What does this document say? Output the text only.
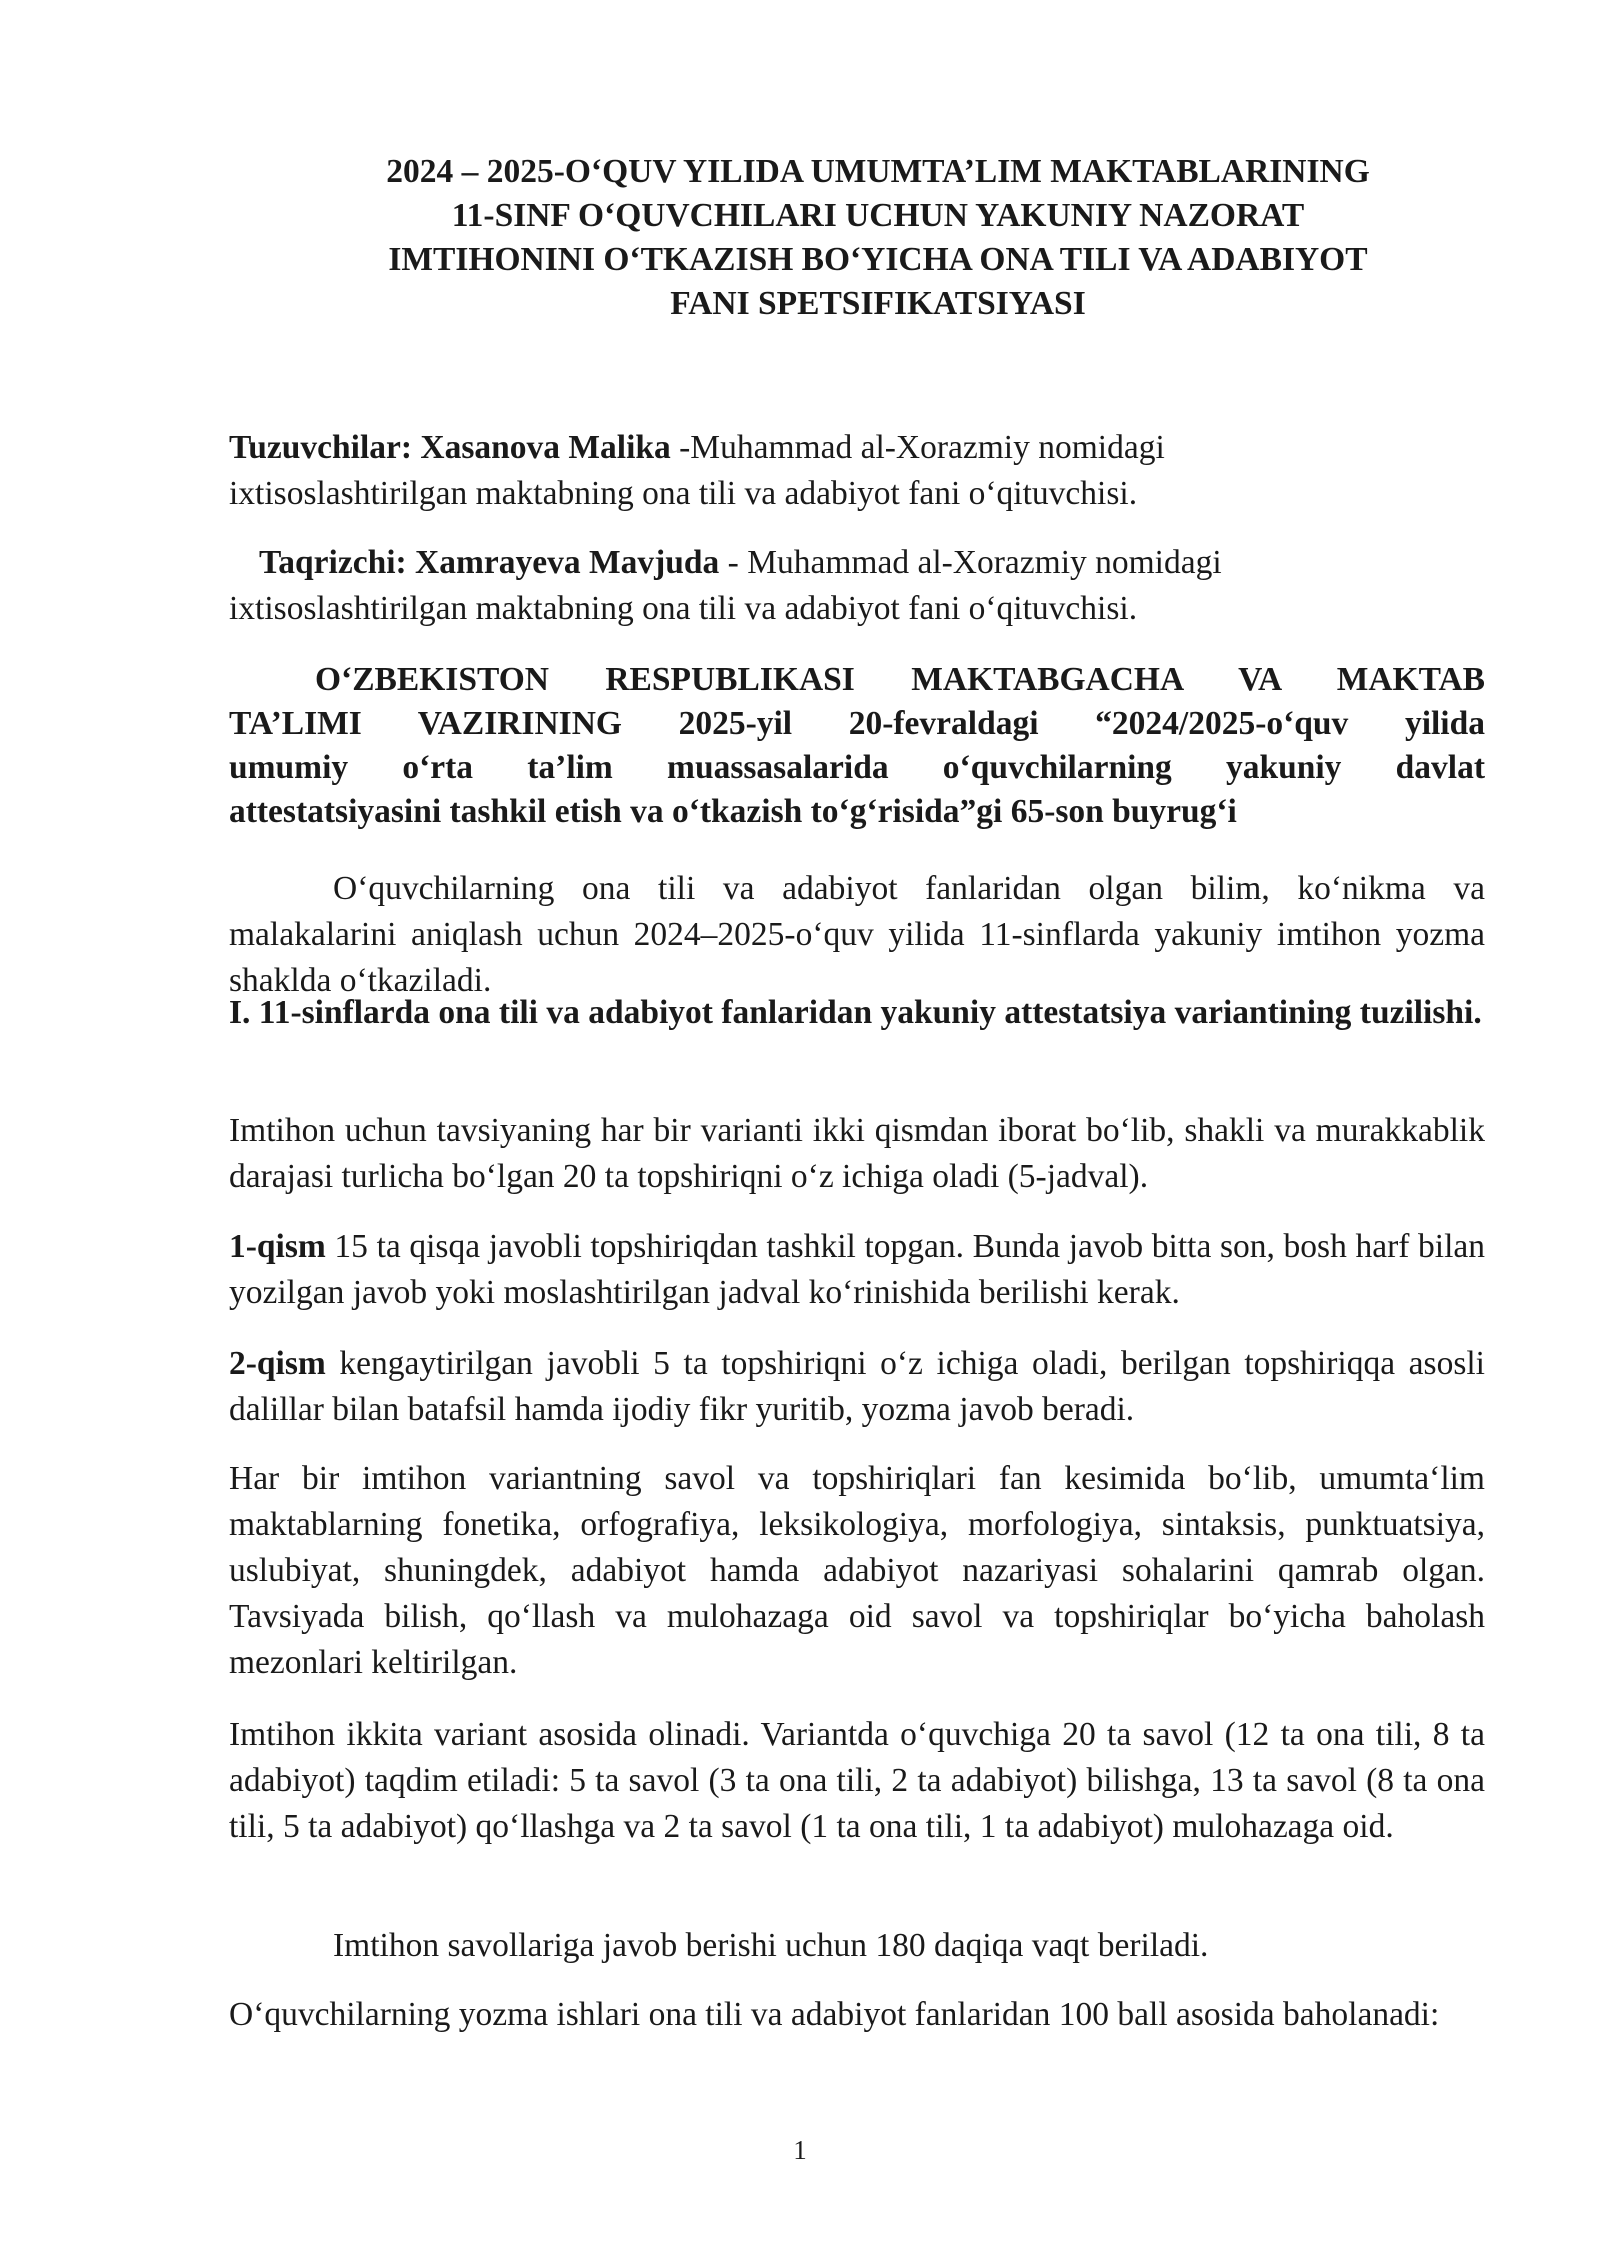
2024 – 2025-O‘QUV YILIDA UMUMTA’LIM MAKTABLARINING
11-SINF O‘QUVCHILARI UCHUN YAKUNIY NAZORAT
IMTIHONINI O‘TKAZISH BO‘YICHA ONA TILI VA ADABIYOT
FANI SPETSIFIKATSIYASI
Tuzuvchilar: Xasanova Malika -Muhammad al-Xorazmiy nomidagi
ixtisoslashtirilgan maktabning ona tili va adabiyot fani o‘qituvchisi.
Taqrizchi: Xamrayeva Mavjuda - Muhammad al-Xorazmiy nomidagi
ixtisoslashtirilgan maktabning ona tili va adabiyot fani o‘qituvchisi.
O‘ZBEKISTON RESPUBLIKASI MAKTABGACHA VA MAKTAB
TA’LIMI VAZIRINING 2025-yil 20-fevraldagi “2024/2025-o‘quv yilida
umumiy o‘rta ta’lim muassasalarida o‘quvchilarning yakuniy davlat
attestatsiyasini tashkil etish va o‘tkazish to‘g‘risida”gi 65-son buyrug‘i

O‘quvchilarning ona tili va adabiyot fanlaridan olgan bilim, ko‘nikma va malakalarini aniqlash uchun 2024–2025-o‘quv yilida 11-sinflarda yakuniy imtihon yozma shaklda o‘tkaziladi.

I. 11-sinflarda ona tili va adabiyot fanlaridan yakuniy attestatsiya variantining tuzilishi.

Imtihon uchun tavsiyaning har bir varianti ikki qismdan iborat bo‘lib, shakli va murakkablik darajasi turlicha bo‘lgan 20 ta topshiriqni o‘z ichiga oladi (5-jadval).

1-qism 15 ta qisqa javobli topshiriqdan tashkil topgan. Bunda javob bitta son, bosh harf bilan yozilgan javob yoki moslashtirilgan jadval ko‘rinishida berilishi kerak.

2-qism kengaytirilgan javobli 5 ta topshiriqni o‘z ichiga oladi, berilgan topshiriqqa asosli dalillar bilan batafsil hamda ijodiy fikr yuritib, yozma javob beradi.

Har bir imtihon variantning savol va topshiriqlari fan kesimida bo‘lib, umumta‘lim maktablarning fonetika, orfografiya, leksikologiya, morfologiya, sintaksis, punktuatsiya, uslubiyat, shuningdek, adabiyot hamda adabiyot nazariyasi sohalarini qamrab olgan. Tavsiyada bilish, qo‘llash va mulohazaga oid savol va topshiriqlar bo‘yicha baholash mezonlari keltirilgan.

Imtihon ikkita variant asosida olinadi. Variantda o‘quvchiga 20 ta savol (12 ta ona tili, 8 ta adabiyot) taqdim etiladi: 5 ta savol (3 ta ona tili, 2 ta adabiyot) bilishga, 13 ta savol (8 ta ona tili, 5 ta adabiyot) qo‘llashga va 2 ta savol (1 ta ona tili, 1 ta adabiyot) mulohazaga oid.

Imtihon savollariga javob berishi uchun 180 daqiqa vaqt beriladi.

O‘quvchilarning yozma ishlari ona tili va adabiyot fanlaridan 100 ball asosida baholanadi:

1
